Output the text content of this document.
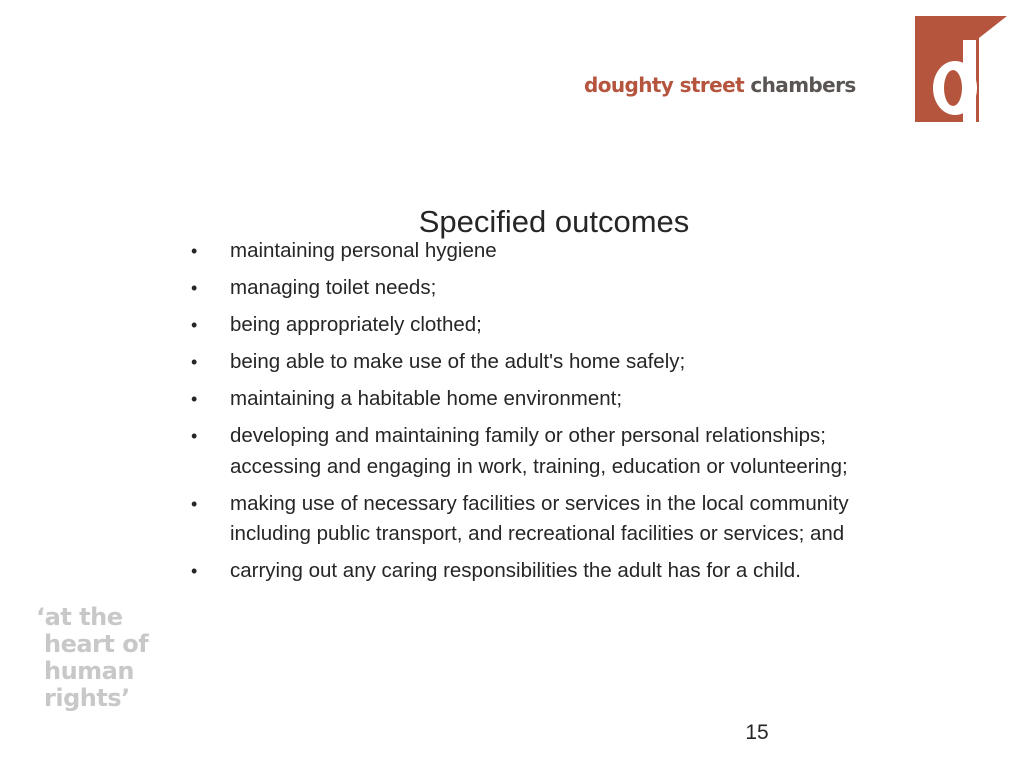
doughty street chambers
Specified outcomes
• maintaining personal hygiene
• managing toilet needs;
• being appropriately clothed;
• being able to make use of the adult's home safely;
• maintaining a habitable home environment;
• developing and maintaining family or other personal relationships; accessing and engaging in work, training, education or volunteering;
• making use of necessary facilities or services in the local community including public transport, and recreational facilities or services; and
• carrying out any caring responsibilities the adult has for a child.
‘at the
heart of
human
rights’
15
